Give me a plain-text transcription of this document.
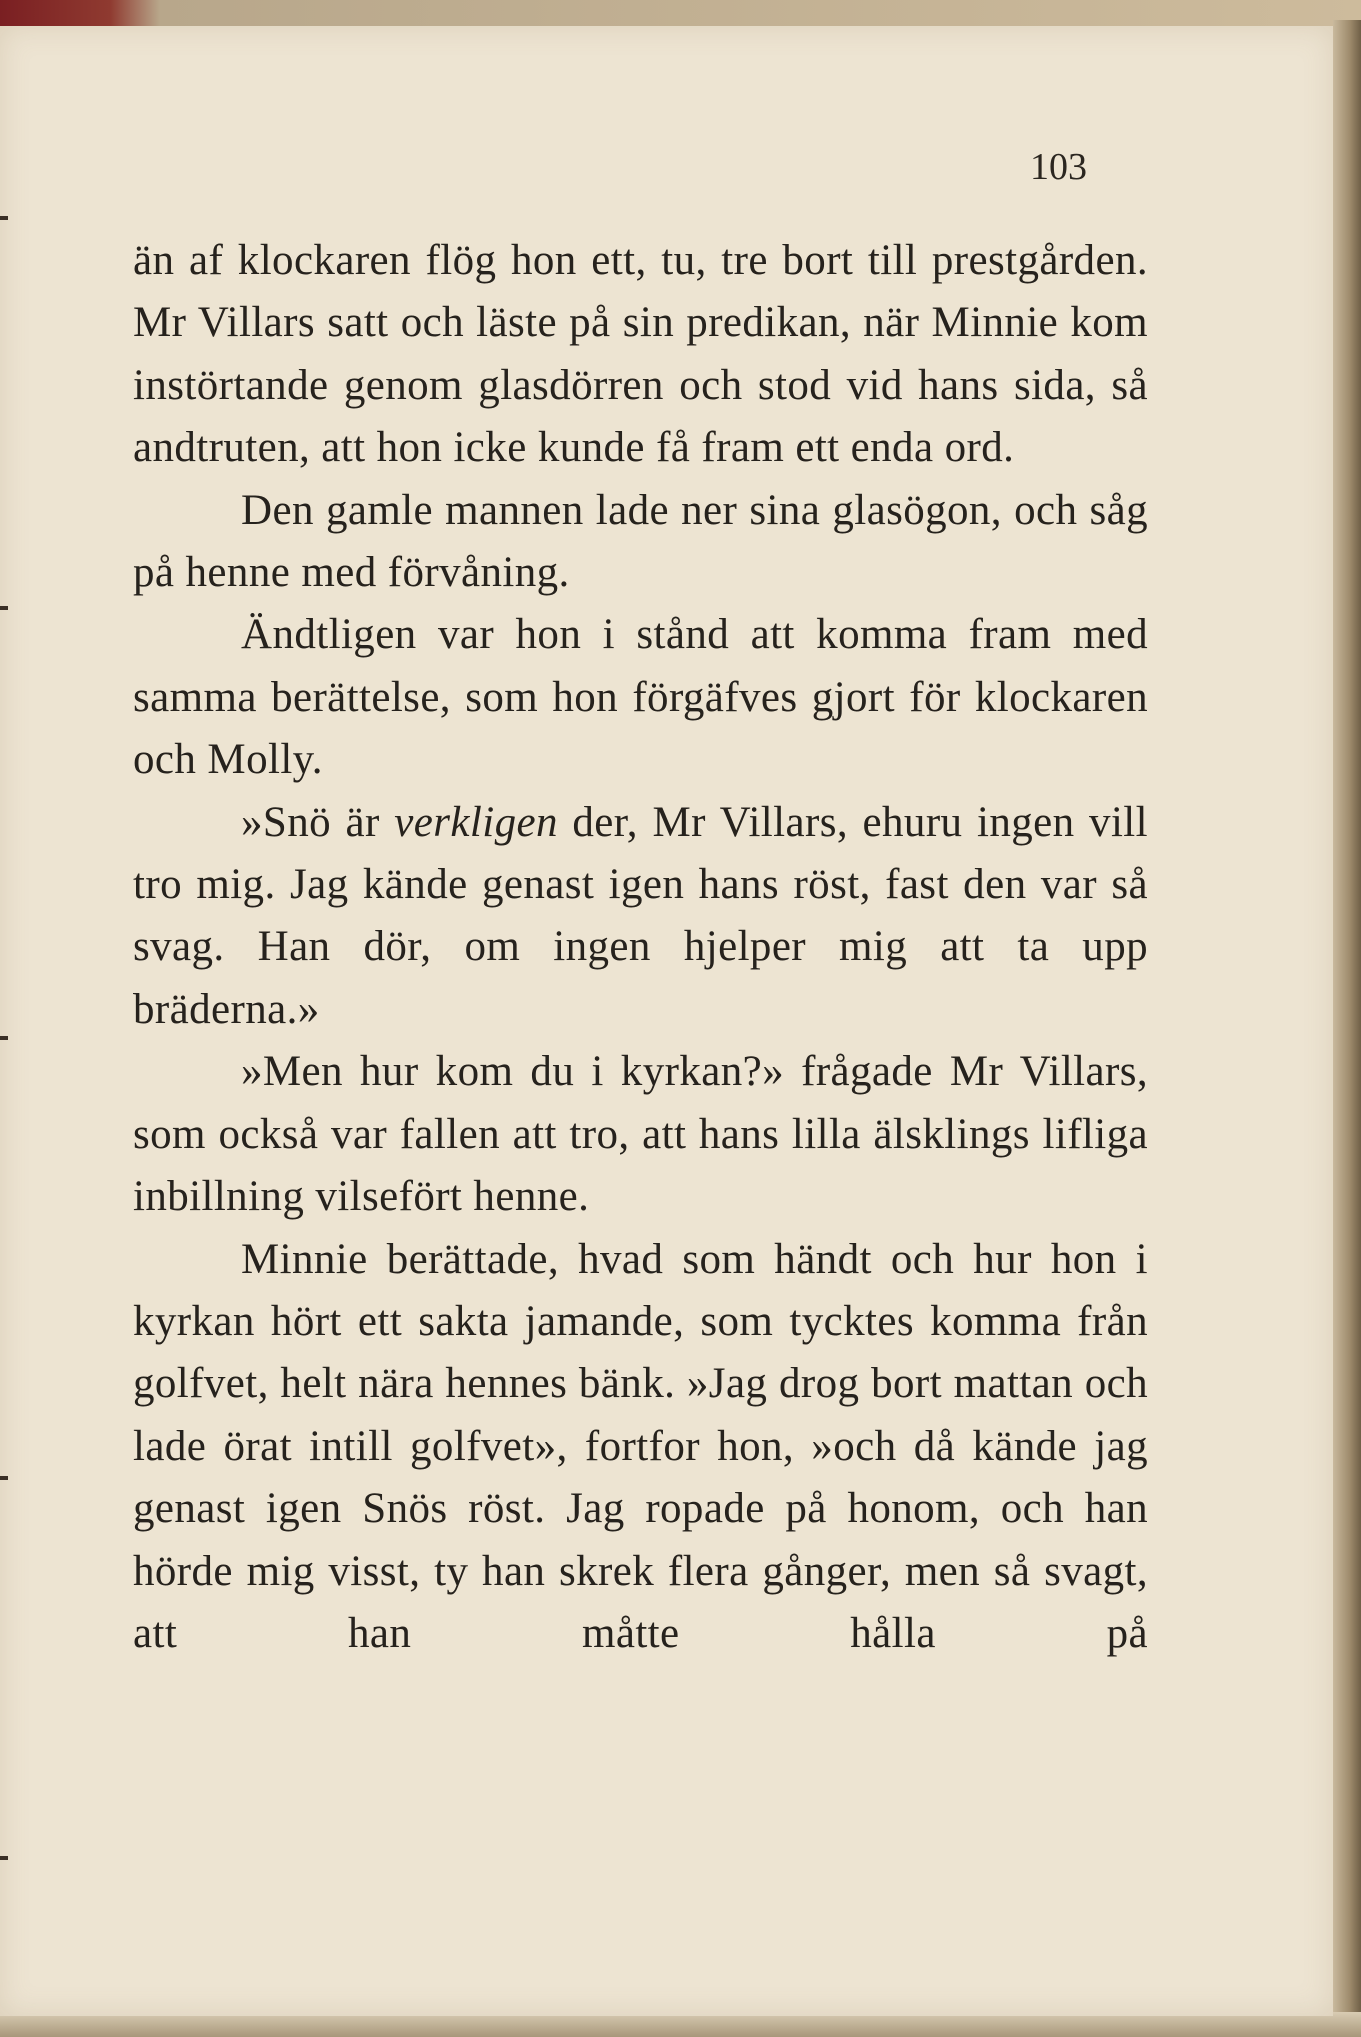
103

än af klockaren flög hon ett, tu, tre bort till prestgården. Mr Villars satt och läste på sin predikan, när Minnie kom instörtande genom glasdörren och stod vid hans sida, så andtruten, att hon icke kunde få fram ett enda ord.

Den gamle mannen lade ner sina glasögon, och såg på henne med förvåning.

Ändtligen var hon i stånd att komma fram med samma berättelse, som hon förgäfves gjort för klockaren och Molly.

»Snö är verkligen der, Mr Villars, ehuru ingen vill tro mig. Jag kände genast igen hans röst, fast den var så svag. Han dör, om ingen hjelper mig att ta upp bräderna.»

»Men hur kom du i kyrkan?» frågade Mr Villars, som också var fallen att tro, att hans lilla älsklings lifliga inbillning vilsefört henne.

Minnie berättade, hvad som händt och hur hon i kyrkan hört ett sakta jamande, som tycktes komma från golfvet, helt nära hennes bänk. »Jag drog bort mattan och lade örat intill golfvet», fortfor hon, »och då kände jag genast igen Snös röst. Jag ropade på honom, och han hörde mig visst, ty han skrek flera gånger, men så svagt, att han måtte hålla på
